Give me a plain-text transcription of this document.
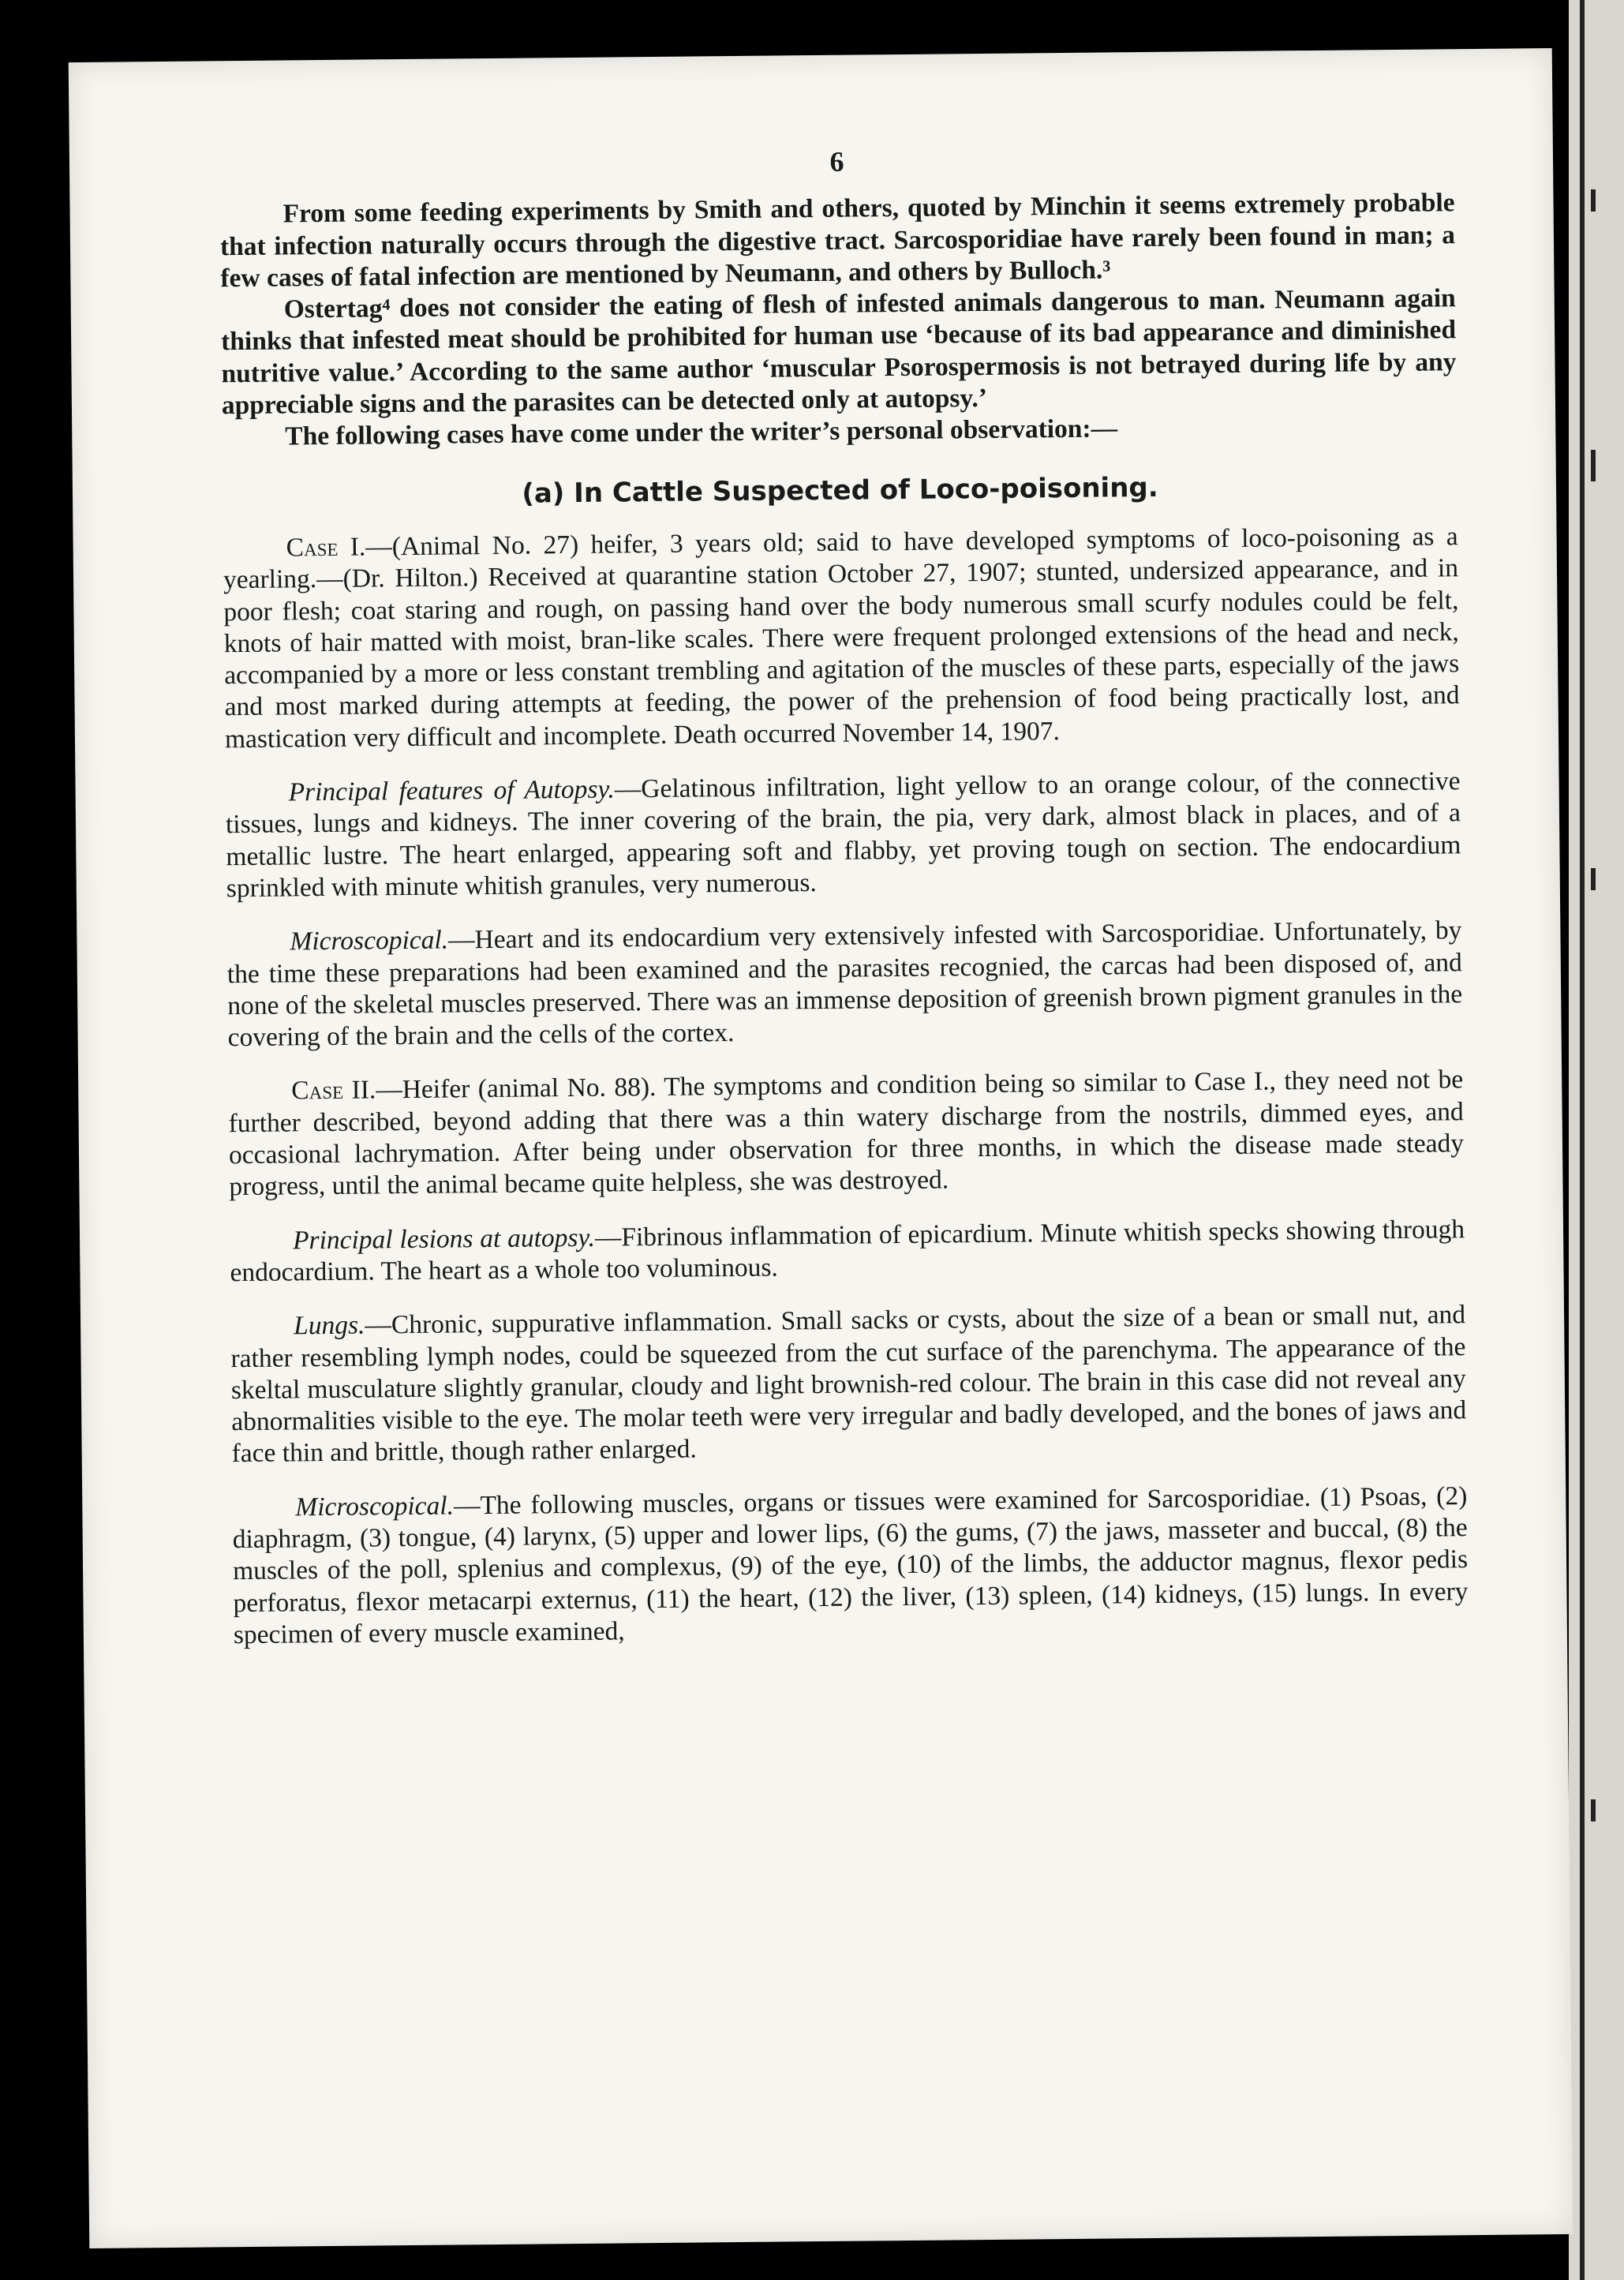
6

From some feeding experiments by Smith and others, quoted by Minchin it seems extremely probable that infection naturally occurs through the digestive tract. Sarcosporidiae have rarely been found in man; a few cases of fatal infection are mentioned by Neumann, and others by Bulloch.³

Ostertag⁴ does not consider the eating of flesh of infested animals dangerous to man. Neumann again thinks that infested meat should be prohibited for human use ‘because of its bad appearance and diminished nutritive value.’ According to the same author ‘muscular Psorospermosis is not betrayed during life by any appreciable signs and the parasites can be detected only at autopsy.’

The following cases have come under the writer’s personal observation:—

(a) In Cattle Suspected of Loco-poisoning.

Case I.—(Animal No. 27) heifer, 3 years old; said to have developed symptoms of loco-poisoning as a yearling.—(Dr. Hilton.) Received at quarantine station October 27, 1907; stunted, undersized appearance, and in poor flesh; coat staring and rough, on passing hand over the body numerous small scurfy nodules could be felt, knots of hair matted with moist, bran-like scales. There were frequent prolonged extensions of the head and neck, accompanied by a more or less constant trembling and agitation of the muscles of these parts, especially of the jaws and most marked during attempts at feeding, the power of the prehension of food being practically lost, and mastication very difficult and incomplete. Death occurred November 14, 1907.

Principal features of Autopsy.—Gelatinous infiltration, light yellow to an orange colour, of the connective tissues, lungs and kidneys. The inner covering of the brain, the pia, very dark, almost black in places, and of a metallic lustre. The heart enlarged, appearing soft and flabby, yet proving tough on section. The endocardium sprinkled with minute whitish granules, very numerous.

Microscopical.—Heart and its endocardium very extensively infested with Sarcosporidiae. Unfortunately, by the time these preparations had been examined and the parasites recognied, the carcas had been disposed of, and none of the skeletal muscles preserved. There was an immense deposition of greenish brown pigment granules in the covering of the brain and the cells of the cortex.

Case II.—Heifer (animal No. 88). The symptoms and condition being so similar to Case I., they need not be further described, beyond adding that there was a thin watery discharge from the nostrils, dimmed eyes, and occasional lachrymation. After being under observation for three months, in which the disease made steady progress, until the animal became quite helpless, she was destroyed.

Principal lesions at autopsy.—Fibrinous inflammation of epicardium. Minute whitish specks showing through endocardium. The heart as a whole too voluminous.

Lungs.—Chronic, suppurative inflammation. Small sacks or cysts, about the size of a bean or small nut, and rather resembling lymph nodes, could be squeezed from the cut surface of the parenchyma. The appearance of the skeltal musculature slightly granular, cloudy and light brownish-red colour. The brain in this case did not reveal any abnormalities visible to the eye. The molar teeth were very irregular and badly developed, and the bones of jaws and face thin and brittle, though rather enlarged.

Microscopical.—The following muscles, organs or tissues were examined for Sarcosporidiae. (1) Psoas, (2) diaphragm, (3) tongue, (4) larynx, (5) upper and lower lips, (6) the gums, (7) the jaws, masseter and buccal, (8) the muscles of the poll, splenius and complexus, (9) of the eye, (10) of the limbs, the adductor magnus, flexor pedis perforatus, flexor metacarpi externus, (11) the heart, (12) the liver, (13) spleen, (14) kidneys, (15) lungs. In every specimen of every muscle examined,
